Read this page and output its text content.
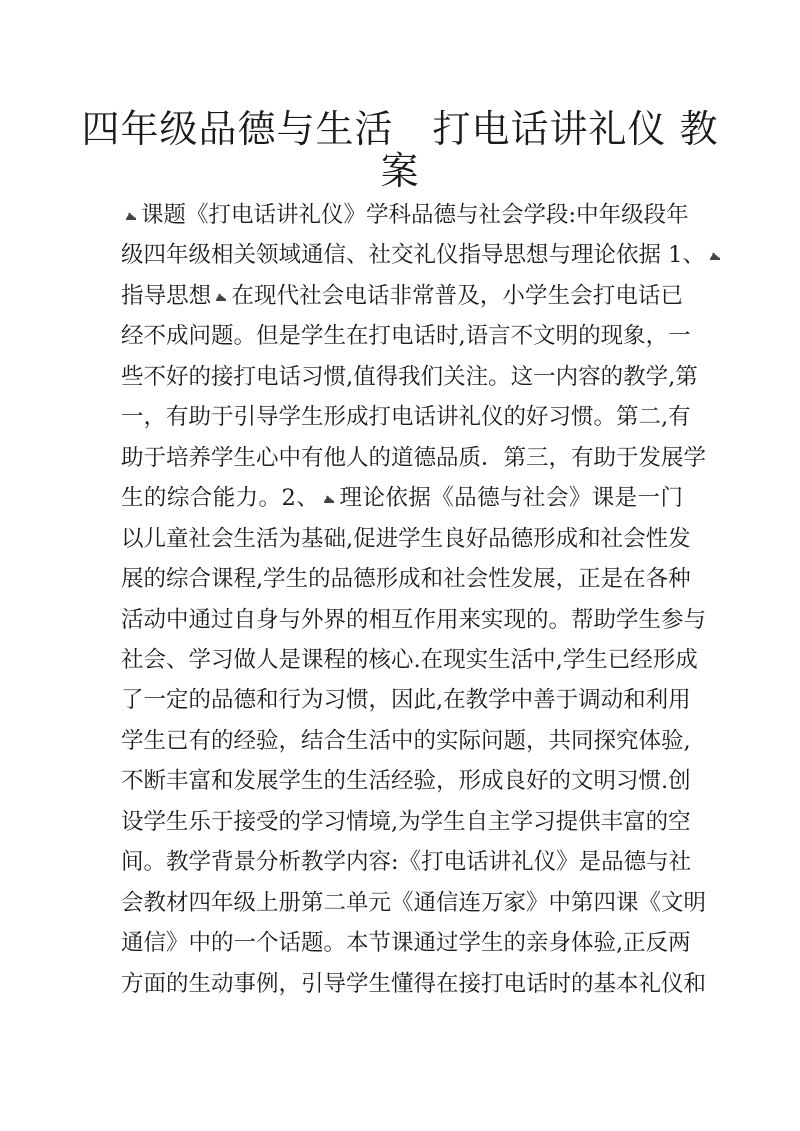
四年级品德与生活　打电话讲礼仪 教
案
课题《打电话讲礼仪》学科品德与社会学段:中年级段年
级四年级相关领域通信、社交礼仪指导思想与理论依据 1、
指导思想 在现代社会电话非常普及，小学生会打电话已
经不成问题。但是学生在打电话时,语言不文明的现象，一
些不好的接打电话习惯,值得我们关注。这一内容的教学,第
一，有助于引导学生形成打电话讲礼仪的好习惯。第二,有
助于培养学生心中有他人的道德品质．第三，有助于发展学
生的综合能力。2、 理论依据《品德与社会》课是一门
以儿童社会生活为基础,促进学生良好品德形成和社会性发
展的综合课程,学生的品德形成和社会性发展，正是在各种
活动中通过自身与外界的相互作用来实现的。帮助学生参与
社会、学习做人是课程的核心.在现实生活中,学生已经形成
了一定的品德和行为习惯，因此,在教学中善于调动和利用
学生已有的经验，结合生活中的实际问题，共同探究体验,
不断丰富和发展学生的生活经验，形成良好的文明习惯.创
设学生乐于接受的学习情境,为学生自主学习提供丰富的空
间。教学背景分析教学内容:《打电话讲礼仪》是品德与社
会教材四年级上册第二单元《通信连万家》中第四课《文明
通信》中的一个话题。本节课通过学生的亲身体验,正反两
方面的生动事例，引导学生懂得在接打电话时的基本礼仪和
